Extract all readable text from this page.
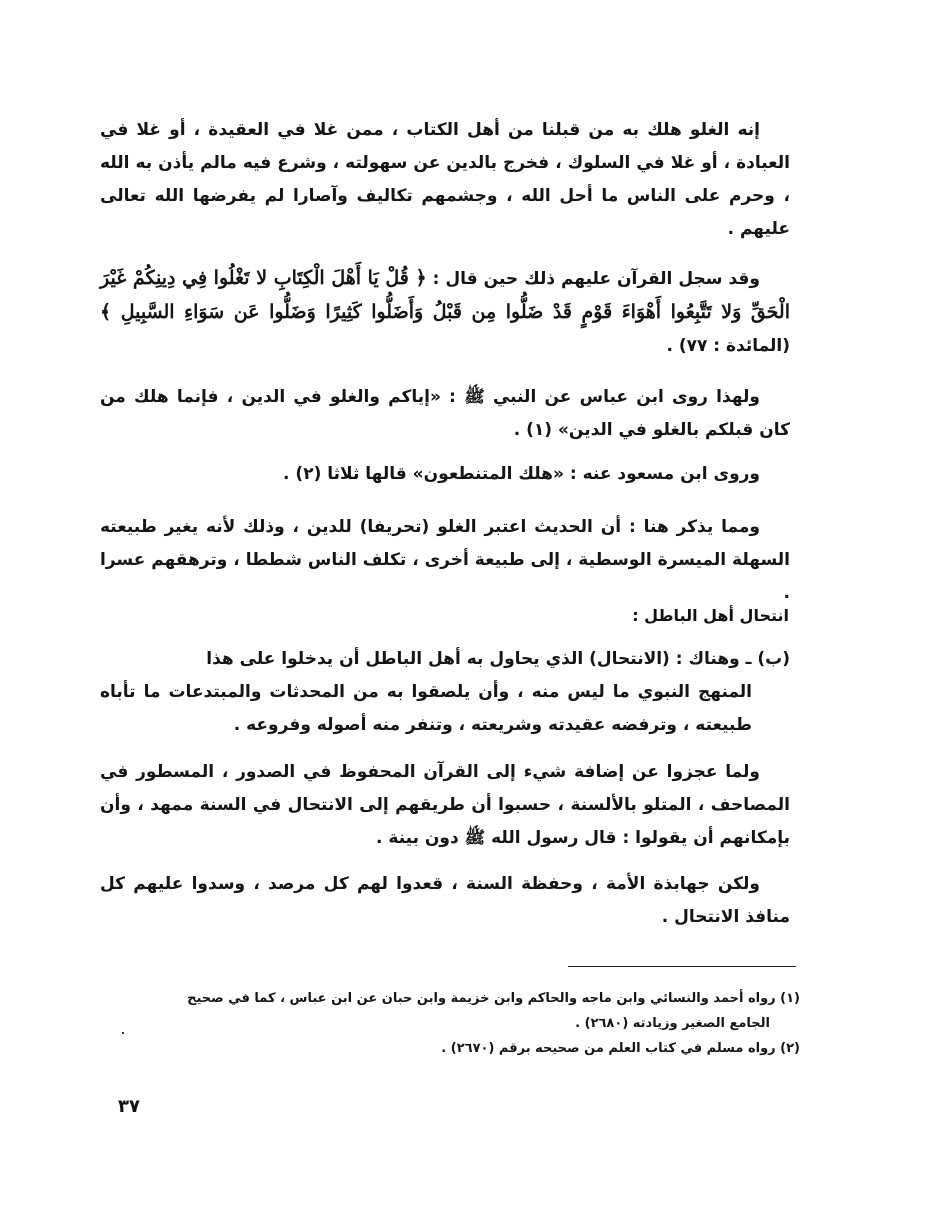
إنه الغلو هلك به من قبلنا من أهل الكتاب ، ممن غلا في العقيدة ، أو غلا في العبادة ، أو غلا في السلوك ، فخرج بالدين عن سهولته ، وشرع فيه مالم يأذن به الله ، وحرم على الناس ما أحل الله ، وجشمهم تكاليف وآصارا لم يفرضها الله تعالى عليهم .

وقد سجل القرآن عليهم ذلك حين قال : ﴿ قُلْ يَا أَهْلَ الْكِتَابِ لا تَغْلُوا فِي دِينِكُمْ غَيْرَ الْحَقِّ وَلا تَتَّبِعُوا أَهْوَاءَ قَوْمٍ قَدْ ضَلُّوا مِن قَبْلُ وَأَضَلُّوا كَثِيرًا وَضَلُّوا عَن سَوَاءِ السَّبِيلِ ﴾ (المائدة : ٧٧) .

ولهذا روى ابن عباس عن النبي ﷺ : «إياكم والغلو في الدين ، فإنما هلك من كان قبلكم بالغلو في الدين» (١) .

وروى ابن مسعود عنه : «هلك المتنطعون» قالها ثلاثا (٢) .

ومما يذكر هنا : أن الحديث اعتبر الغلو (تحريفا) للدين ، وذلك لأنه يغير طبيعته السهلة الميسرة الوسطية ، إلى طبيعة أخرى ، تكلف الناس شططا ، وترهقهم عسرا .

انتحال أهل الباطل :

(ب) ـ وهناك : (الانتحال) الذي يحاول به أهل الباطل أن يدخلوا على هذا

المنهج النبوي ما ليس منه ، وأن يلصقوا به من المحدثات والمبتدعات ما تأباه طبيعته ، وترفضه عقيدته وشريعته ، وتنفر منه أصوله وفروعه .

ولما عجزوا عن إضافة شيء إلى القرآن المحفوظ في الصدور ، المسطور في المصاحف ، المتلو بالألسنة ، حسبوا أن طريقهم إلى الانتحال في السنة ممهد ، وأن بإمكانهم أن يقولوا : قال رسول الله ﷺ دون بينة .

ولكن جهابذة الأمة ، وحفظة السنة ، قعدوا لهم كل مرصد ، وسدوا عليهم كل منافذ الانتحال .

(١) رواه أحمد والنسائي وابن ماجه والحاكم وابن خزيمة وابن حبان عن ابن عباس ، كما في صحيح

الجامع الصغير وزيادته (٢٦٨٠) .

(٢) رواه مسلم في كتاب العلم من صحيحه برقم (٢٦٧٠) .

٣٧
